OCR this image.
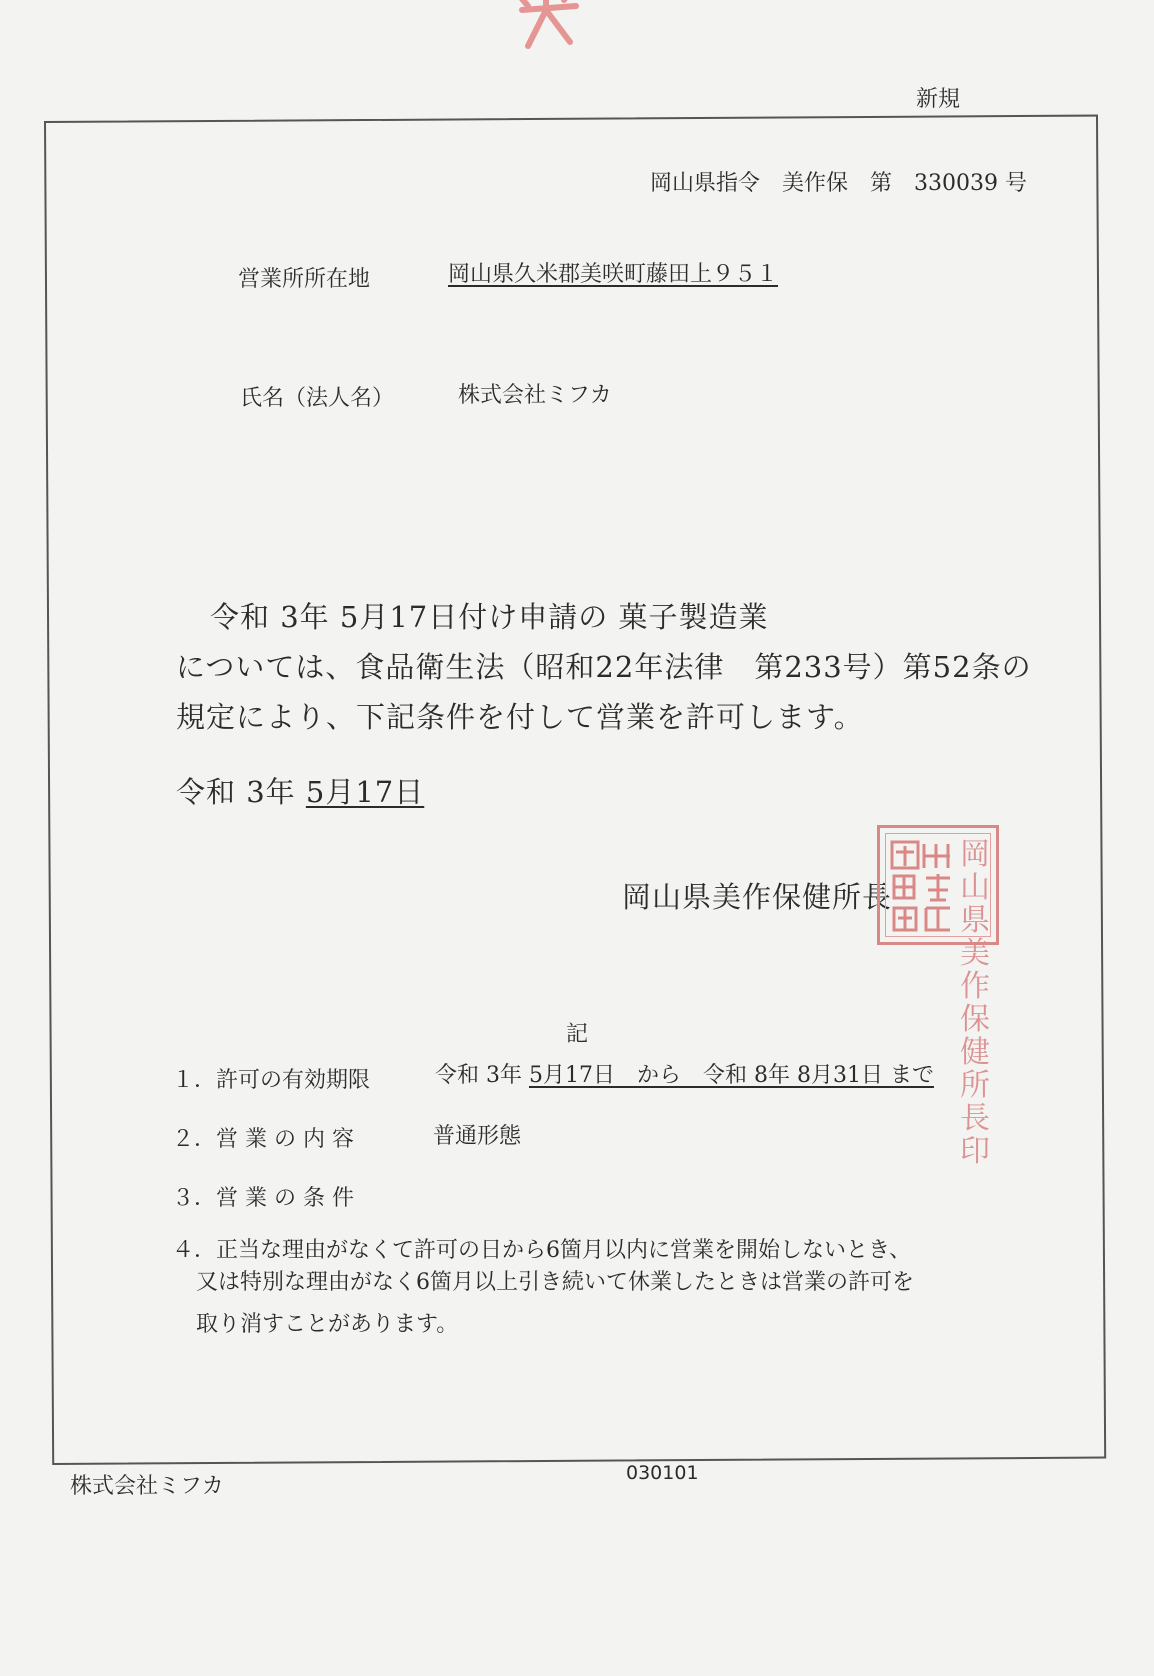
新規
岡山県指令　美作保　第　330039 号
営業所所在地	岡山県久米郡美咲町藤田上９５１
氏名（法人名）	株式会社ミフカ
令和 3年 5月17日付け申請の 菓子製造業
については、食品衛生法（昭和22年法律　第233号）第52条の
規定により、下記条件を付して営業を許可します。
令和 3年 5月17日
岡山県美作保健所長
岡山県美作保健所長印
記
１．許可の有効期限	令和 3年 5月17日　から　令和 8年 8月31日 まで
２．営 業 の 内 容	普通形態
３．営 業 の 条 件
４．正当な理由がなくて許可の日から6箇月以内に営業を開始しないとき、
又は特別な理由がなく6箇月以上引き続いて休業したときは営業の許可を
取り消すことがあります。
株式会社ミフカ
030101
